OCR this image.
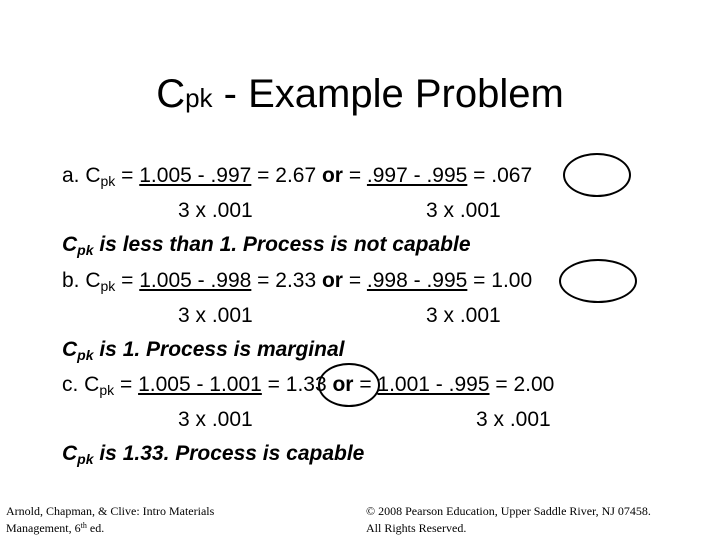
Cpk - Example Problem
a. $C_{pk} = 1.005 - .997 = 2.67$ or = .997 - .995 = .067
3 x .001	3 x .001
$C_{pk}$ is less than 1. Process is not capable
b. $C_{pk} = 1.005 - .998 = 2.33$ or = .998 - .995 = 1.00
3 x .001	3 x .001
$C_{pk}$ is 1. Process is marginal
c. $C_{pk} = 1.005 - 1.001 = 1.33$ or = 1.001 - .995 = 2.00
3 x .001	3 x .001
$C_{pk}$ is 1.33. Process is capable
Arnold, Chapman, & Clive: Intro Materials
Management, 6th ed.
© 2008 Pearson Education, Upper Saddle River, NJ 07458.
All Rights Reserved.
